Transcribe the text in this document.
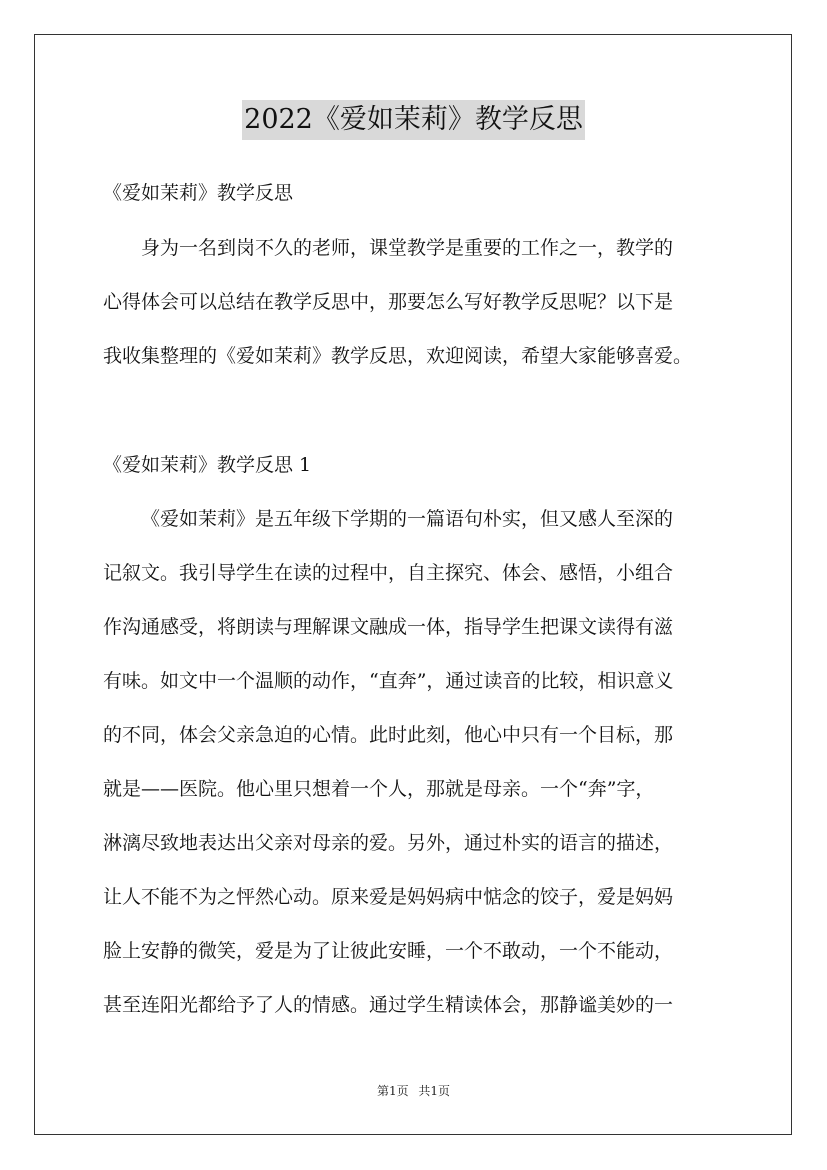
2022《爱如茉莉》教学反思
《爱如茉莉》教学反思
身为一名到岗不久的老师，课堂教学是重要的工作之一，教学的
心得体会可以总结在教学反思中，那要怎么写好教学反思呢？以下是
我收集整理的《爱如茉莉》教学反思，欢迎阅读，希望大家能够喜爱。
《爱如茉莉》教学反思 1
《爱如茉莉》是五年级下学期的一篇语句朴实，但又感人至深的
记叙文。我引导学生在读的过程中，自主探究、体会、感悟，小组合
作沟通感受，将朗读与理解课文融成一体，指导学生把课文读得有滋
有味。如文中一个温顺的动作，“直奔”，通过读音的比较，相识意义
的不同，体会父亲急迫的心情。此时此刻，他心中只有一个目标，那
就是——医院。他心里只想着一个人，那就是母亲。一个“奔”字，
淋漓尽致地表达出父亲对母亲的爱。另外，通过朴实的语言的描述，
让人不能不为之怦然心动。原来爱是妈妈病中惦念的饺子，爱是妈妈
脸上安静的微笑，爱是为了让彼此安睡，一个不敢动，一个不能动，
甚至连阳光都给予了人的情感。通过学生精读体会，那静谧美妙的一
第1页 共1页
